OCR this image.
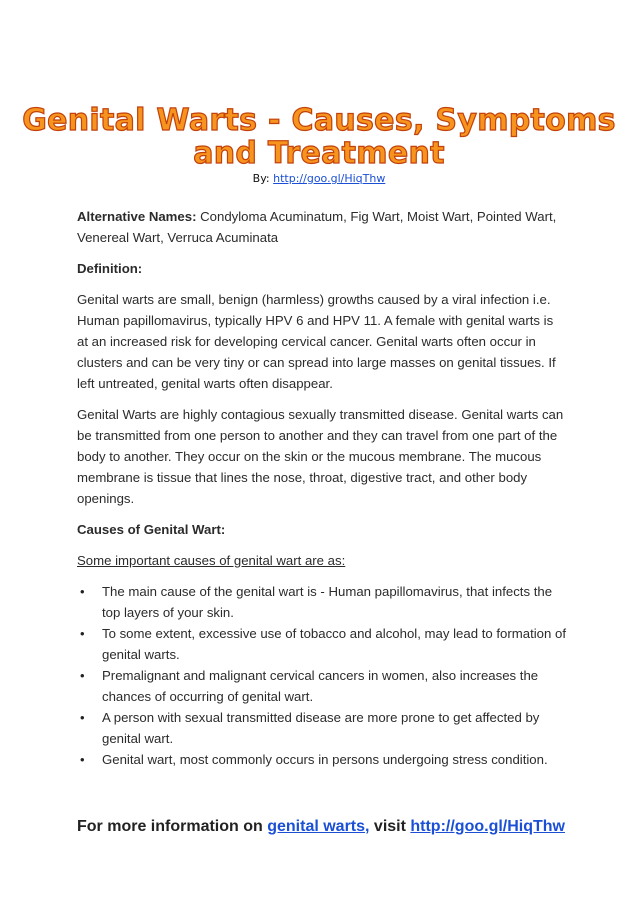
Genital Warts - Causes, Symptoms
and Treatment
By: http://goo.gl/HiqThw

Alternative Names: Condyloma Acuminatum, Fig Wart, Moist Wart, Pointed Wart, Venereal Wart, Verruca Acuminata

Definition:

Genital warts are small, benign (harmless) growths caused by a viral infection i.e. Human papillomavirus, typically HPV 6 and HPV 11. A female with genital warts is at an increased risk for developing cervical cancer. Genital warts often occur in clusters and can be very tiny or can spread into large masses on genital tissues. If left untreated, genital warts often disappear.

Genital Warts are highly contagious sexually transmitted disease. Genital warts can be transmitted from one person to another and they can travel from one part of the body to another. They occur on the skin or the mucous membrane. The mucous membrane is tissue that lines the nose, throat, digestive tract, and other body openings.

Causes of Genital Wart:

Some important causes of genital wart are as:

• The main cause of the genital wart is - Human papillomavirus, that infects the top layers of your skin.
• To some extent, excessive use of tobacco and alcohol, may lead to formation of genital warts.
• Premalignant and malignant cervical cancers in women, also increases the chances of occurring of genital wart.
• A person with sexual transmitted disease are more prone to get affected by genital wart.
• Genital wart, most commonly occurs in persons undergoing stress condition.
For more information on genital warts, visit http://goo.gl/HiqThw
